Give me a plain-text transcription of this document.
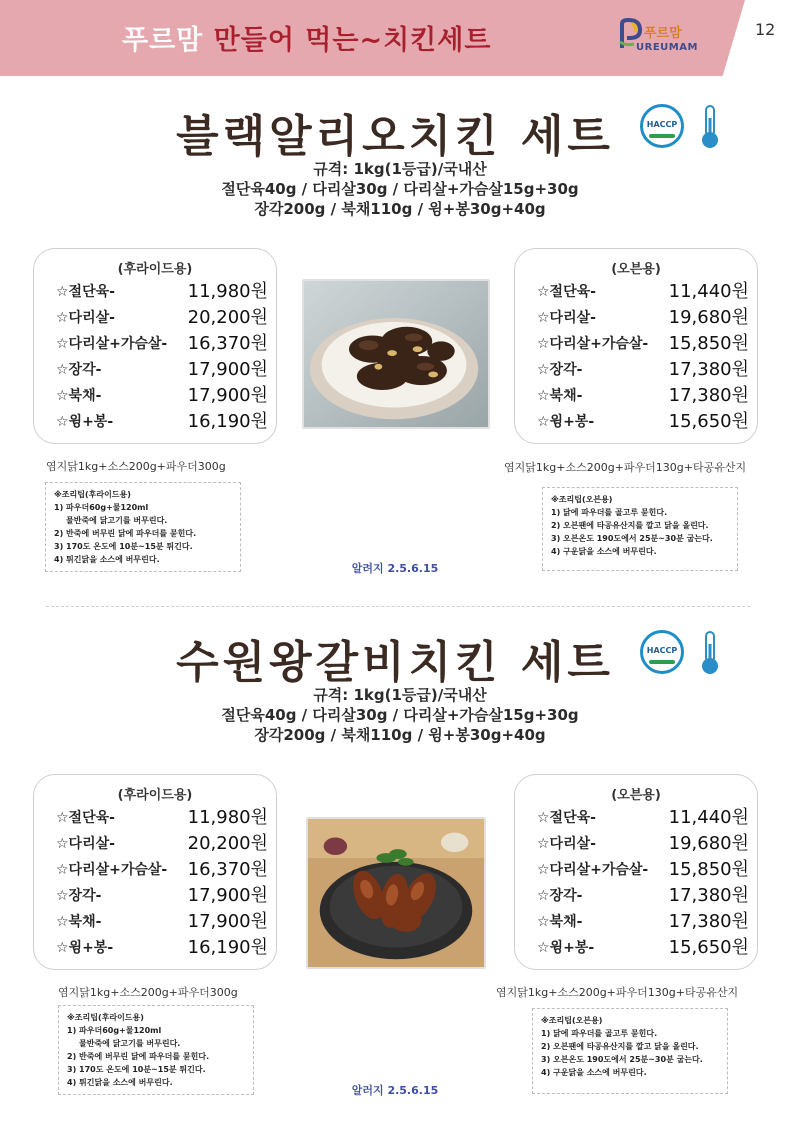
푸르맘 만들어 먹는~치킨세트	푸르맘
UREUMAM
12
블랙알리오치킨 세트	HACCP
규격: 1kg(1등급)/국내산
절단육40g / 다리살30g / 다리살+가슴살15g+30g
장각200g / 북채110g / 윙+봉30g+40g
(후라이드용)
☆절단육-	11,980원
☆다리살-	20,200원
☆다리살+가슴살- 16,370원
☆장각-	17,900원
☆북채-	17,900원
☆윙+봉-	16,190원
(오븐용)
☆절단육-	11,440원
☆다리살-	19,680원
☆다리살+가슴살- 15,850원
☆장각-	17,380원
☆북채-	17,380원
☆윙+봉-	15,650원
염지닭1kg+소스200g+파우더300g	염지닭1kg+소스200g+파우더130g+타공유산지
※조리팁(후라이드용)
1) 파우더60g+물120ml
물반죽에 닭고기를 버무린다.
2) 반죽에 버무린 닭에 파우더를 묻힌다.
3) 170도 온도에 10분~15분 튀긴다.
4) 튀긴닭을 소스에 버무린다.
※조리팁(오븐용)
1) 닭에 파우더를 골고루 묻힌다.
2) 오븐팬에 타공유산지를 깔고 닭을 올린다.
3) 오븐온도 190도에서 25분~30분 굽는다.
4) 구운닭을 소스에 버무린다.
알려지 2.5.6.15
수원왕갈비치킨 세트	HACCP
규격: 1kg(1등급)/국내산
절단육40g / 다리살30g / 다리살+가슴살15g+30g
장각200g / 북채110g / 윙+봉30g+40g
(후라이드용)
☆절단육-	11,980원
☆다리살-	20,200원
☆다리살+가슴살- 16,370원
☆장각-	17,900원
☆북채-	17,900원
☆윙+봉-	16,190원
(오븐용)
☆절단육-	11,440원
☆다리살-	19,680원
☆다리살+가슴살- 15,850원
☆장각-	17,380원
☆북채-	17,380원
☆윙+봉-	15,650원
염지닭1kg+소스200g+파우더300g	염지닭1kg+소스200g+파우더130g+타공유산지
※조리팁(후라이드용)
1) 파우더60g+물120ml
물반죽에 닭고기를 버무린다.
2) 반죽에 버무린 닭에 파우더를 묻힌다.
3) 170도 온도에 10분~15분 튀긴다.
4) 튀긴닭을 소스에 버무린다.
※조리팁(오븐용)
1) 닭에 파우더를 골고루 묻힌다.
2) 오븐팬에 타공유산지를 깔고 닭을 올린다.
3) 오븐온도 190도에서 25분~30분 굽는다.
4) 구운닭을 소스에 버무린다.
알러지 2.5.6.15
